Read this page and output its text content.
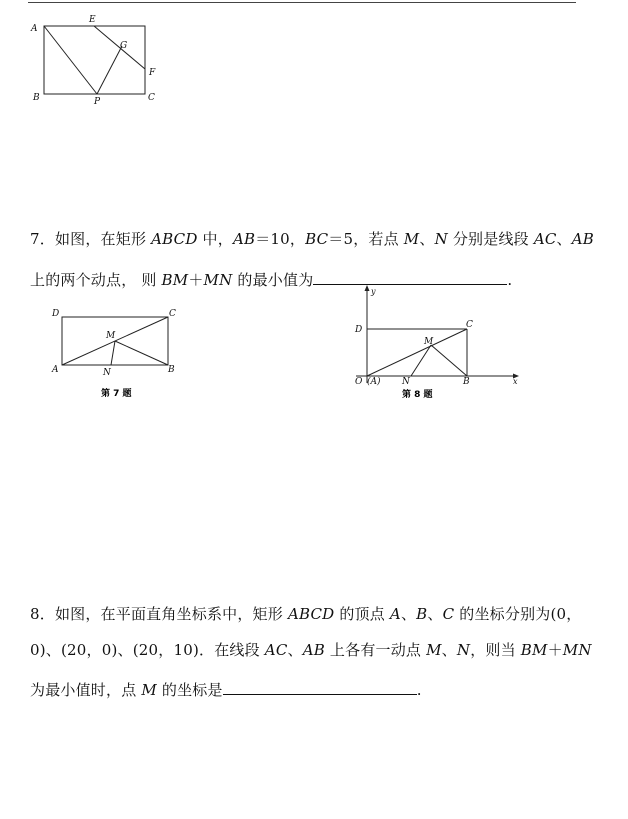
A
E
G
F
B	P	C
7．如图，在矩形 ABCD 中，AB＝10，BC＝5，若点 M、N 分别是线段 AC、AB
上的两个动点， 则 BM＋MN 的最小值为	.
D	C
M
A	N	B
第 7 题
y
D	C
M
O (A) N	B	x
第 8 题
8．如图，在平面直角坐标系中，矩形 ABCD 的顶点 A、B、C 的坐标分别为(0，
0)、(20，0)、(20，10)．在线段 AC、AB 上各有一动点 M、N，则当 BM＋MN
为最小值时，点 M 的坐标是	.
